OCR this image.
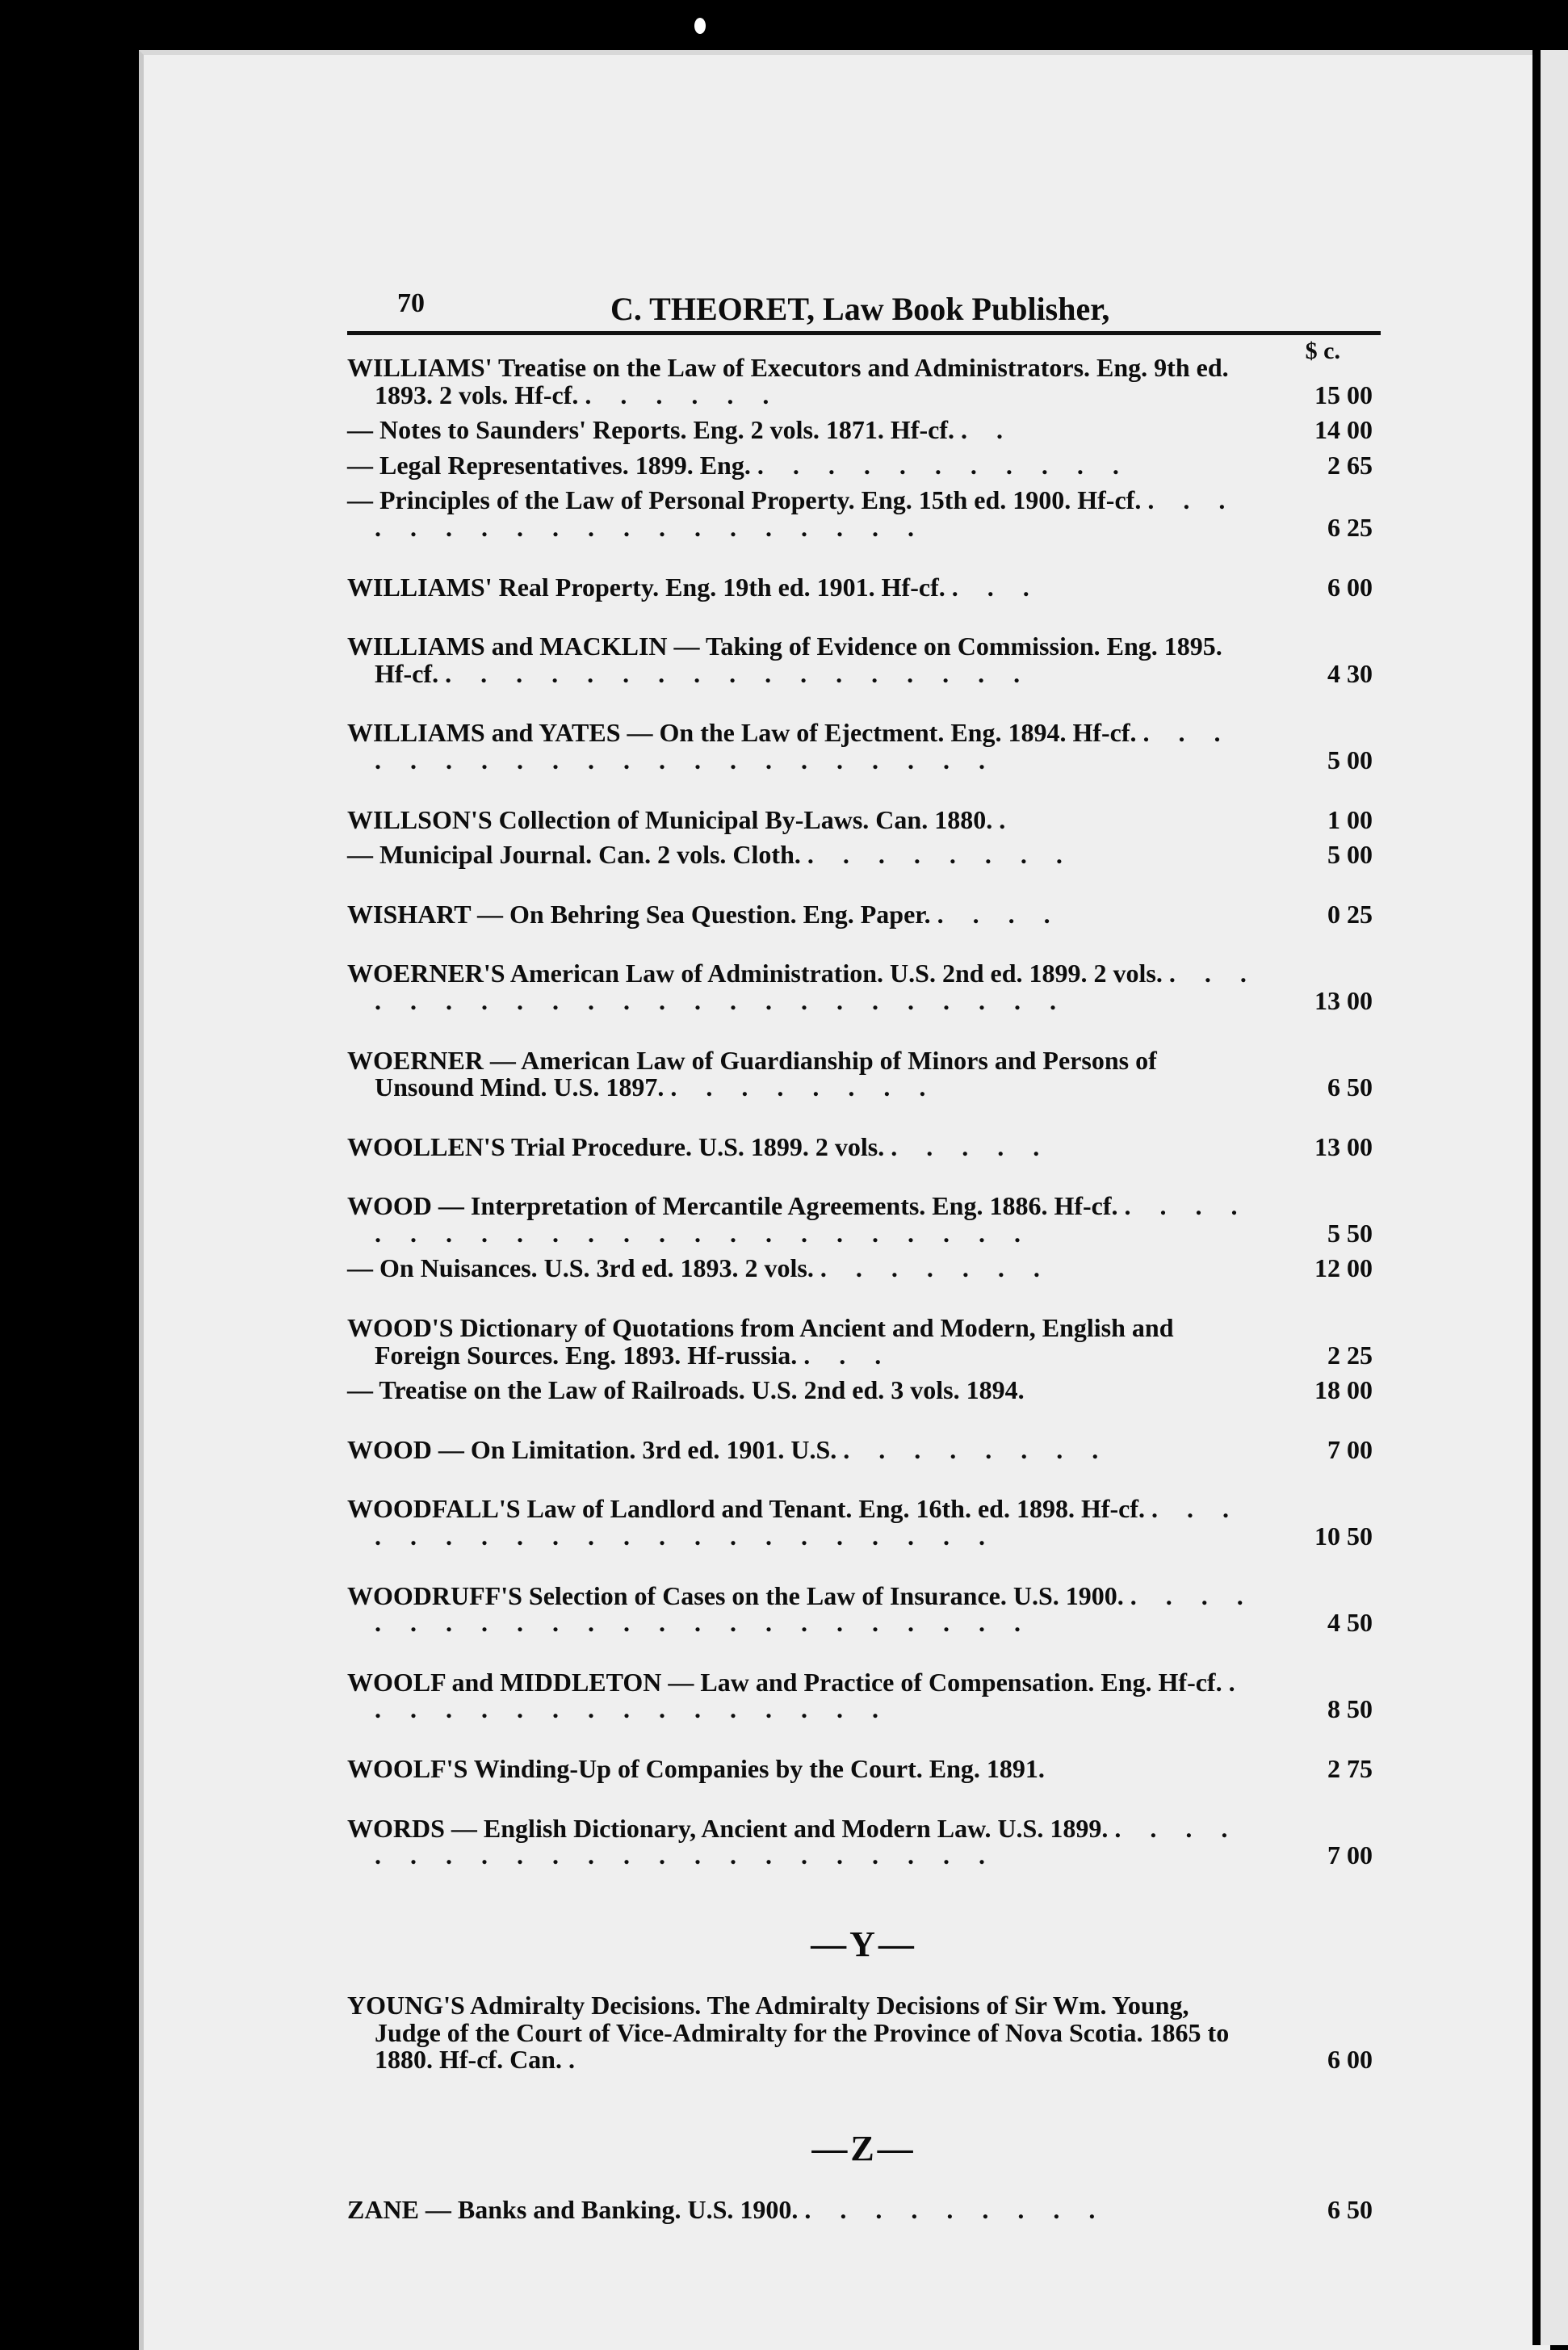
70	C. THEORET, Law Book Publisher,
$ c.
WILLIAMS' Treatise on the Law of Executors and Administrators. Eng. 9th ed. 1893. 2 vols. Hf-cf. . . . . . .	15 00
— Notes to Saunders' Reports. Eng. 2 vols. 1871. Hf-cf. . .	14 00
— Legal Representatives. 1899. Eng. . . . . . . . . . . .	2 65
— Principles of the Law of Personal Property. Eng. 15th ed. 1900. Hf-cf. . . . . . . . . . . . . . . . . . . .	6 25
WILLIAMS' Real Property. Eng. 19th ed. 1901. Hf-cf. . . .	6 00
WILLIAMS and MACKLIN — Taking of Evidence on Commission. Eng. 1895. Hf-cf. . . . . . . . . . . . . . . . . .	4 30
WILLIAMS and YATES — On the Law of Ejectment. Eng. 1894. Hf-cf. . . . . . . . . . . . . . . . . . . . . .	5 00
WILLSON'S Collection of Municipal By-Laws. Can. 1880. .	1 00
— Municipal Journal. Can. 2 vols. Cloth. . . . . . . . .	5 00
WISHART — On Behring Sea Question. Eng. Paper. . . . .	0 25
WOERNER'S American Law of Administration. U.S. 2nd ed. 1899. 2 vols. . . . . . . . . . . . . . . . . . . . . . . .	13 00
WOERNER — American Law of Guardianship of Minors and Persons of Unsound Mind. U.S. 1897. . . . . . . . .	6 50
WOOLLEN'S Trial Procedure. U.S. 1899. 2 vols. . . . . .	13 00
WOOD — Interpretation of Mercantile Agreements. Eng. 1886. Hf-cf. . . . . . . . . . . . . . . . . . . . . . . .	5 50
— On Nuisances. U.S. 3rd ed. 1893. 2 vols. . . . . . . .	12 00
WOOD'S Dictionary of Quotations from Ancient and Modern, English and Foreign Sources. Eng. 1893. Hf-russia. . . .	2 25
— Treatise on the Law of Railroads. U.S. 2nd ed. 3 vols. 1894.	18 00
WOOD — On Limitation. 3rd ed. 1901. U.S. . . . . . . . .	7 00
WOODFALL'S Law of Landlord and Tenant. Eng. 16th. ed. 1898. Hf-cf. . . . . . . . . . . . . . . . . . . . . .	10 50
WOODRUFF'S Selection of Cases on the Law of Insurance. U.S. 1900. . . . . . . . . . . . . . . . . . . . . . . .	4 50
WOOLF and MIDDLETON — Law and Practice of Compensation. Eng. Hf-cf. . . . . . . . . . . . . . . . .	8 50
WOOLF'S Winding-Up of Companies by the Court. Eng. 1891.	2 75
WORDS — English Dictionary, Ancient and Modern Law. U.S. 1899. . . . . . . . . . . . . . . . . . . . . . .	7 00
—Y—
YOUNG'S Admiralty Decisions. The Admiralty Decisions of Sir Wm. Young, Judge of the Court of Vice-Admiralty for the Province of Nova Scotia. 1865 to 1880. Hf-cf. Can. .	6 00
—Z—
ZANE — Banks and Banking. U.S. 1900. . . . . . . . . .	6 50
